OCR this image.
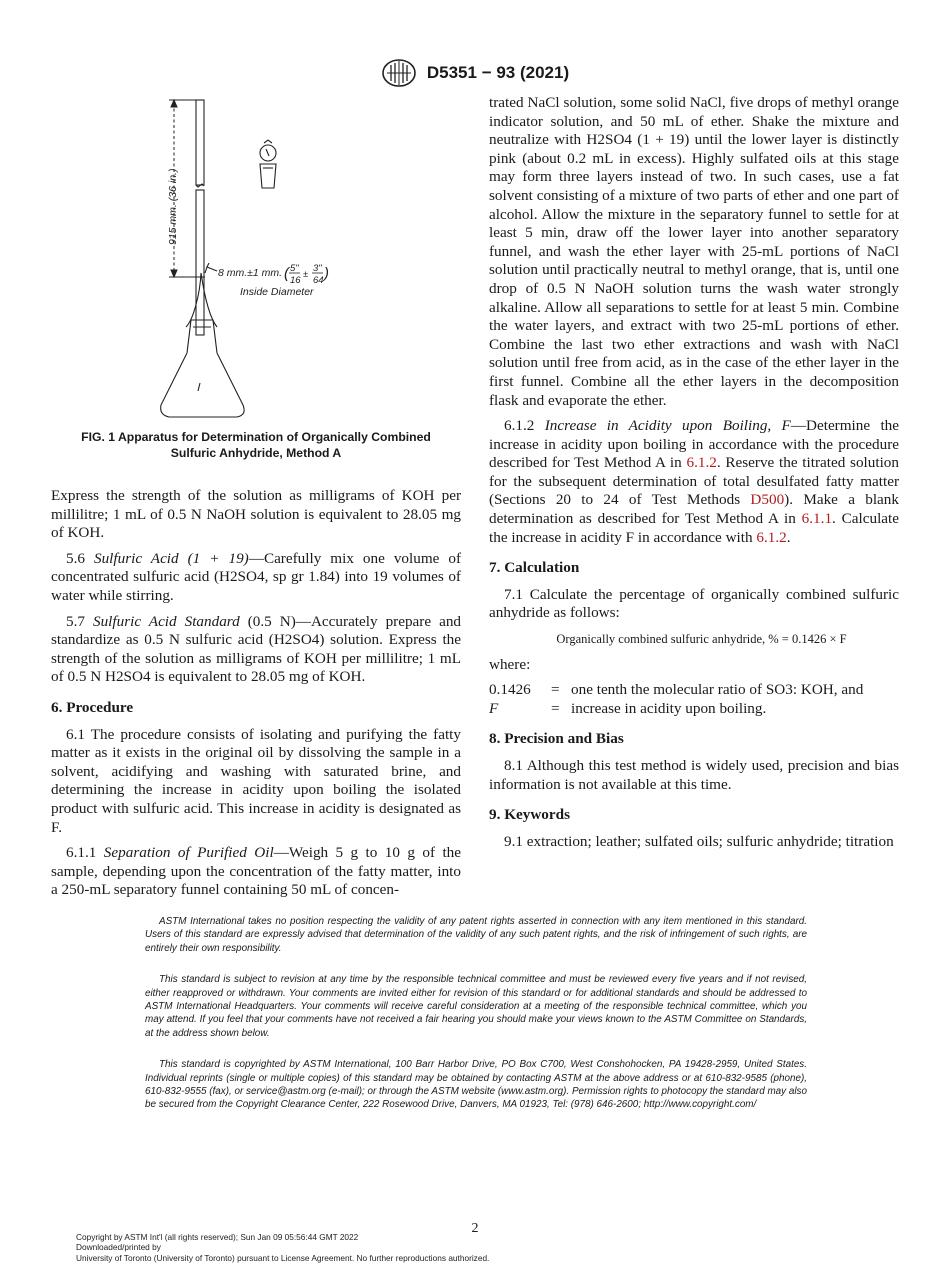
D5351 − 93 (2021)
915 mm. (36 in.)
8 mm.±1 mm. ( 5"
16
±
3"
64 )
Inside Diameter
FIG. 1 Apparatus for Determination of Organically Combined
Sulfuric Anhydride, Method A

Express the strength of the solution as milligrams of KOH per millilitre; 1 mL of 0.5 N NaOH solution is equivalent to 28.05 mg of KOH.

5.6 Sulfuric Acid (1 + 19)—Carefully mix one volume of concentrated sulfuric acid (H2SO4, sp gr 1.84) into 19 volumes of water while stirring.

5.7 Sulfuric Acid Standard (0.5 N)—Accurately prepare and standardize as 0.5 N sulfuric acid (H2SO4) solution. Express the strength of the solution as milligrams of KOH per millilitre; 1 mL of 0.5 N H2SO4 is equivalent to 28.05 mg of KOH.

6. Procedure

6.1 The procedure consists of isolating and purifying the fatty matter as it exists in the original oil by dissolving the sample in a solvent, acidifying and washing with saturated brine, and determining the increase in acidity upon boiling the isolated product with sulfuric acid. This increase in acidity is designated as F.

6.1.1 Separation of Purified Oil—Weigh 5 g to 10 g of the sample, depending upon the concentration of the fatty matter, into a 250-mL separatory funnel containing 50 mL of concen-

trated NaCl solution, some solid NaCl, five drops of methyl orange indicator solution, and 50 mL of ether. Shake the mixture and neutralize with H2SO4 (1 + 19) until the lower layer is distinctly pink (about 0.2 mL in excess). Highly sulfated oils at this stage may form three layers instead of two. In such cases, use a fat solvent consisting of a mixture of two parts of ether and one part of alcohol. Allow the mixture in the separatory funnel to settle for at least 5 min, draw off the lower layer into another separatory funnel, and wash the ether layer with 25-mL portions of NaCl solution until practically neutral to methyl orange, that is, until one drop of 0.5 N NaOH solution turns the wash water strongly alkaline. Allow all separations to settle for at least 5 min. Combine the water layers, and extract with two 25-mL portions of ether. Combine the last two ether extractions and wash with NaCl solution until free from acid, as in the case of the ether layer in the first funnel. Combine all the ether layers in the decomposition flask and evaporate the ether.

6.1.2 Increase in Acidity upon Boiling, F—Determine the increase in acidity upon boiling in accordance with the procedure described for Test Method A in 6.1.2. Reserve the titrated solution for the subsequent determination of total desulfated fatty matter (Sections 20 to 24 of Test Methods D500). Make a blank determination as described for Test Method A in 6.1.1. Calculate the increase in acidity F in accordance with 6.1.2.

7. Calculation

7.1 Calculate the percentage of organically combined sulfuric anhydride as follows:

Organically combined sulfuric anhydride, % = 0.1426 × F

where:

0.1426	=	one tenth the molecular ratio of SO3: KOH, and
F	=	increase in acidity upon boiling.
8. Precision and Bias

8.1 Although this test method is widely used, precision and bias information is not available at this time.

9. Keywords

9.1 extraction; leather; sulfated oils; sulfuric anhydride; titration

ASTM International takes no position respecting the validity of any patent rights asserted in connection with any item mentioned in this standard. Users of this standard are expressly advised that determination of the validity of any such patent rights, and the risk of infringement of such rights, are entirely their own responsibility.

This standard is subject to revision at any time by the responsible technical committee and must be reviewed every five years and if not revised, either reapproved or withdrawn. Your comments are invited either for revision of this standard or for additional standards and should be addressed to ASTM International Headquarters. Your comments will receive careful consideration at a meeting of the responsible technical committee, which you may attend. If you feel that your comments have not received a fair hearing you should make your views known to the ASTM Committee on Standards, at the address shown below.

This standard is copyrighted by ASTM International, 100 Barr Harbor Drive, PO Box C700, West Conshohocken, PA 19428-2959, United States. Individual reprints (single or multiple copies) of this standard may be obtained by contacting ASTM at the above address or at 610-832-9585 (phone), 610-832-9555 (fax), or service@astm.org (e-mail); or through the ASTM website (www.astm.org). Permission rights to photocopy the standard may also be secured from the Copyright Clearance Center, 222 Rosewood Drive, Danvers, MA 01923, Tel: (978) 646-2600; http://www.copyright.com/

2
Copyright by ASTM Int'l (all rights reserved); Sun Jan 09 05:56:44 GMT 2022
Downloaded/printed by
University of Toronto (University of Toronto) pursuant to License Agreement. No further reproductions authorized.
